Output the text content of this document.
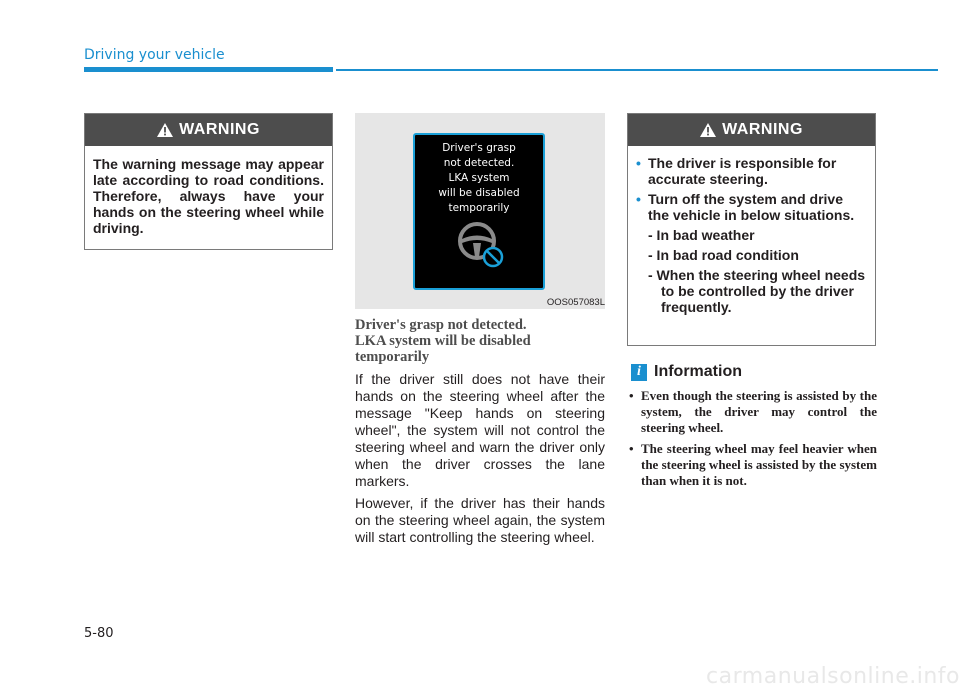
Driving your vehicle
WARNING
The warning message may appear late according to road conditions. Therefore, always have your hands on the steering wheel while driving.
Driver's grasp
not detected.
LKA system
will be disabled
temporarily
OOS057083L
Driver's grasp not detected.
LKA system will be disabled
temporarily

If the driver still does not have their hands on the steering wheel after the message "Keep hands on steering wheel", the system will not control the steering wheel and warn the driver only when the driver crosses the lane markers.

However, if the driver has their hands on the steering wheel again, the system will start controlling the steering wheel.

WARNING
• The driver is responsible for accurate steering.
• Turn off the system and drive the vehicle in below situations.
- In bad weather
- In bad road condition
- When the steering wheel needs to be controlled by the driver frequently.
i Information
• Even though the steering is assisted by the system, the driver may control the steering wheel.
• The steering wheel may feel heavier when the steering wheel is assisted by the system than when it is not.
5-80
carmanualsonline.info
